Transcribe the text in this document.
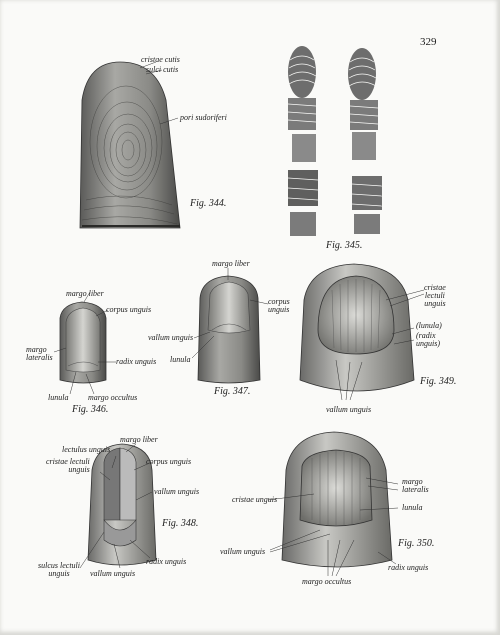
329
cristae cutis
sulci cutis
pori sudoriferi
Fig. 344.
Fig. 345.
margo liber
corpus unguis
margo
lateralis	radix unguis
lunula margo occultus
Fig. 346.
margo liber
corpus
unguis
vallum unguis
lunula
Fig. 347.
cristae
lectuli
unguis
(lunula)
(radix
unguis)
Fig. 349.
vallum unguis
margo liber
lectulus unguis
corpus unguis
cristae lectuli
unguis
vallum unguis
Fig. 348.
radix unguis
sulcus lectuli
unguis	vallum unguis
margo
lateralis
cristae unguis
lunula
Fig. 350.
vallum unguis
radix unguis
margo occultus
